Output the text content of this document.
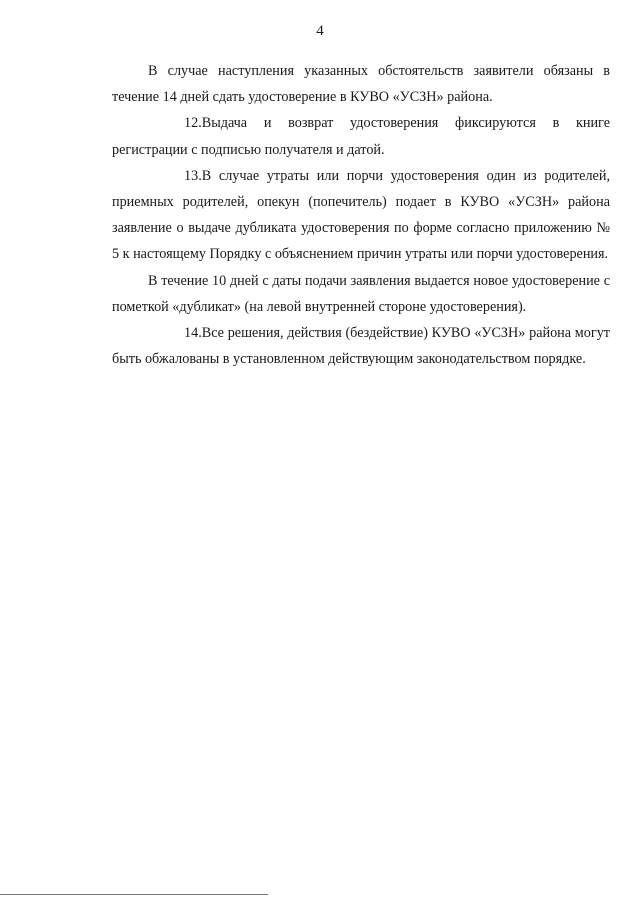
4

В случае наступления указанных обстоятельств заявители обязаны в течение 14 дней сдать удостоверение в КУВО «УСЗН» района.

12.Выдача и возврат удостоверения фиксируются в книге регистрации с подписью получателя и датой.

13.В случае утраты или порчи удостоверения один из родителей, приемных родителей, опекун (попечитель) подает в КУВО «УСЗН» района заявление о выдаче дубликата удостоверения по форме согласно приложению № 5 к настоящему Порядку с объяснением причин утраты или порчи удостоверения.

В течение 10 дней с даты подачи заявления выдается новое удостоверение с пометкой «дубликат» (на левой внутренней стороне удостоверения).

14.Все решения, действия (бездействие) КУВО «УСЗН» района могут быть обжалованы в установленном действующим законодательством порядке.
